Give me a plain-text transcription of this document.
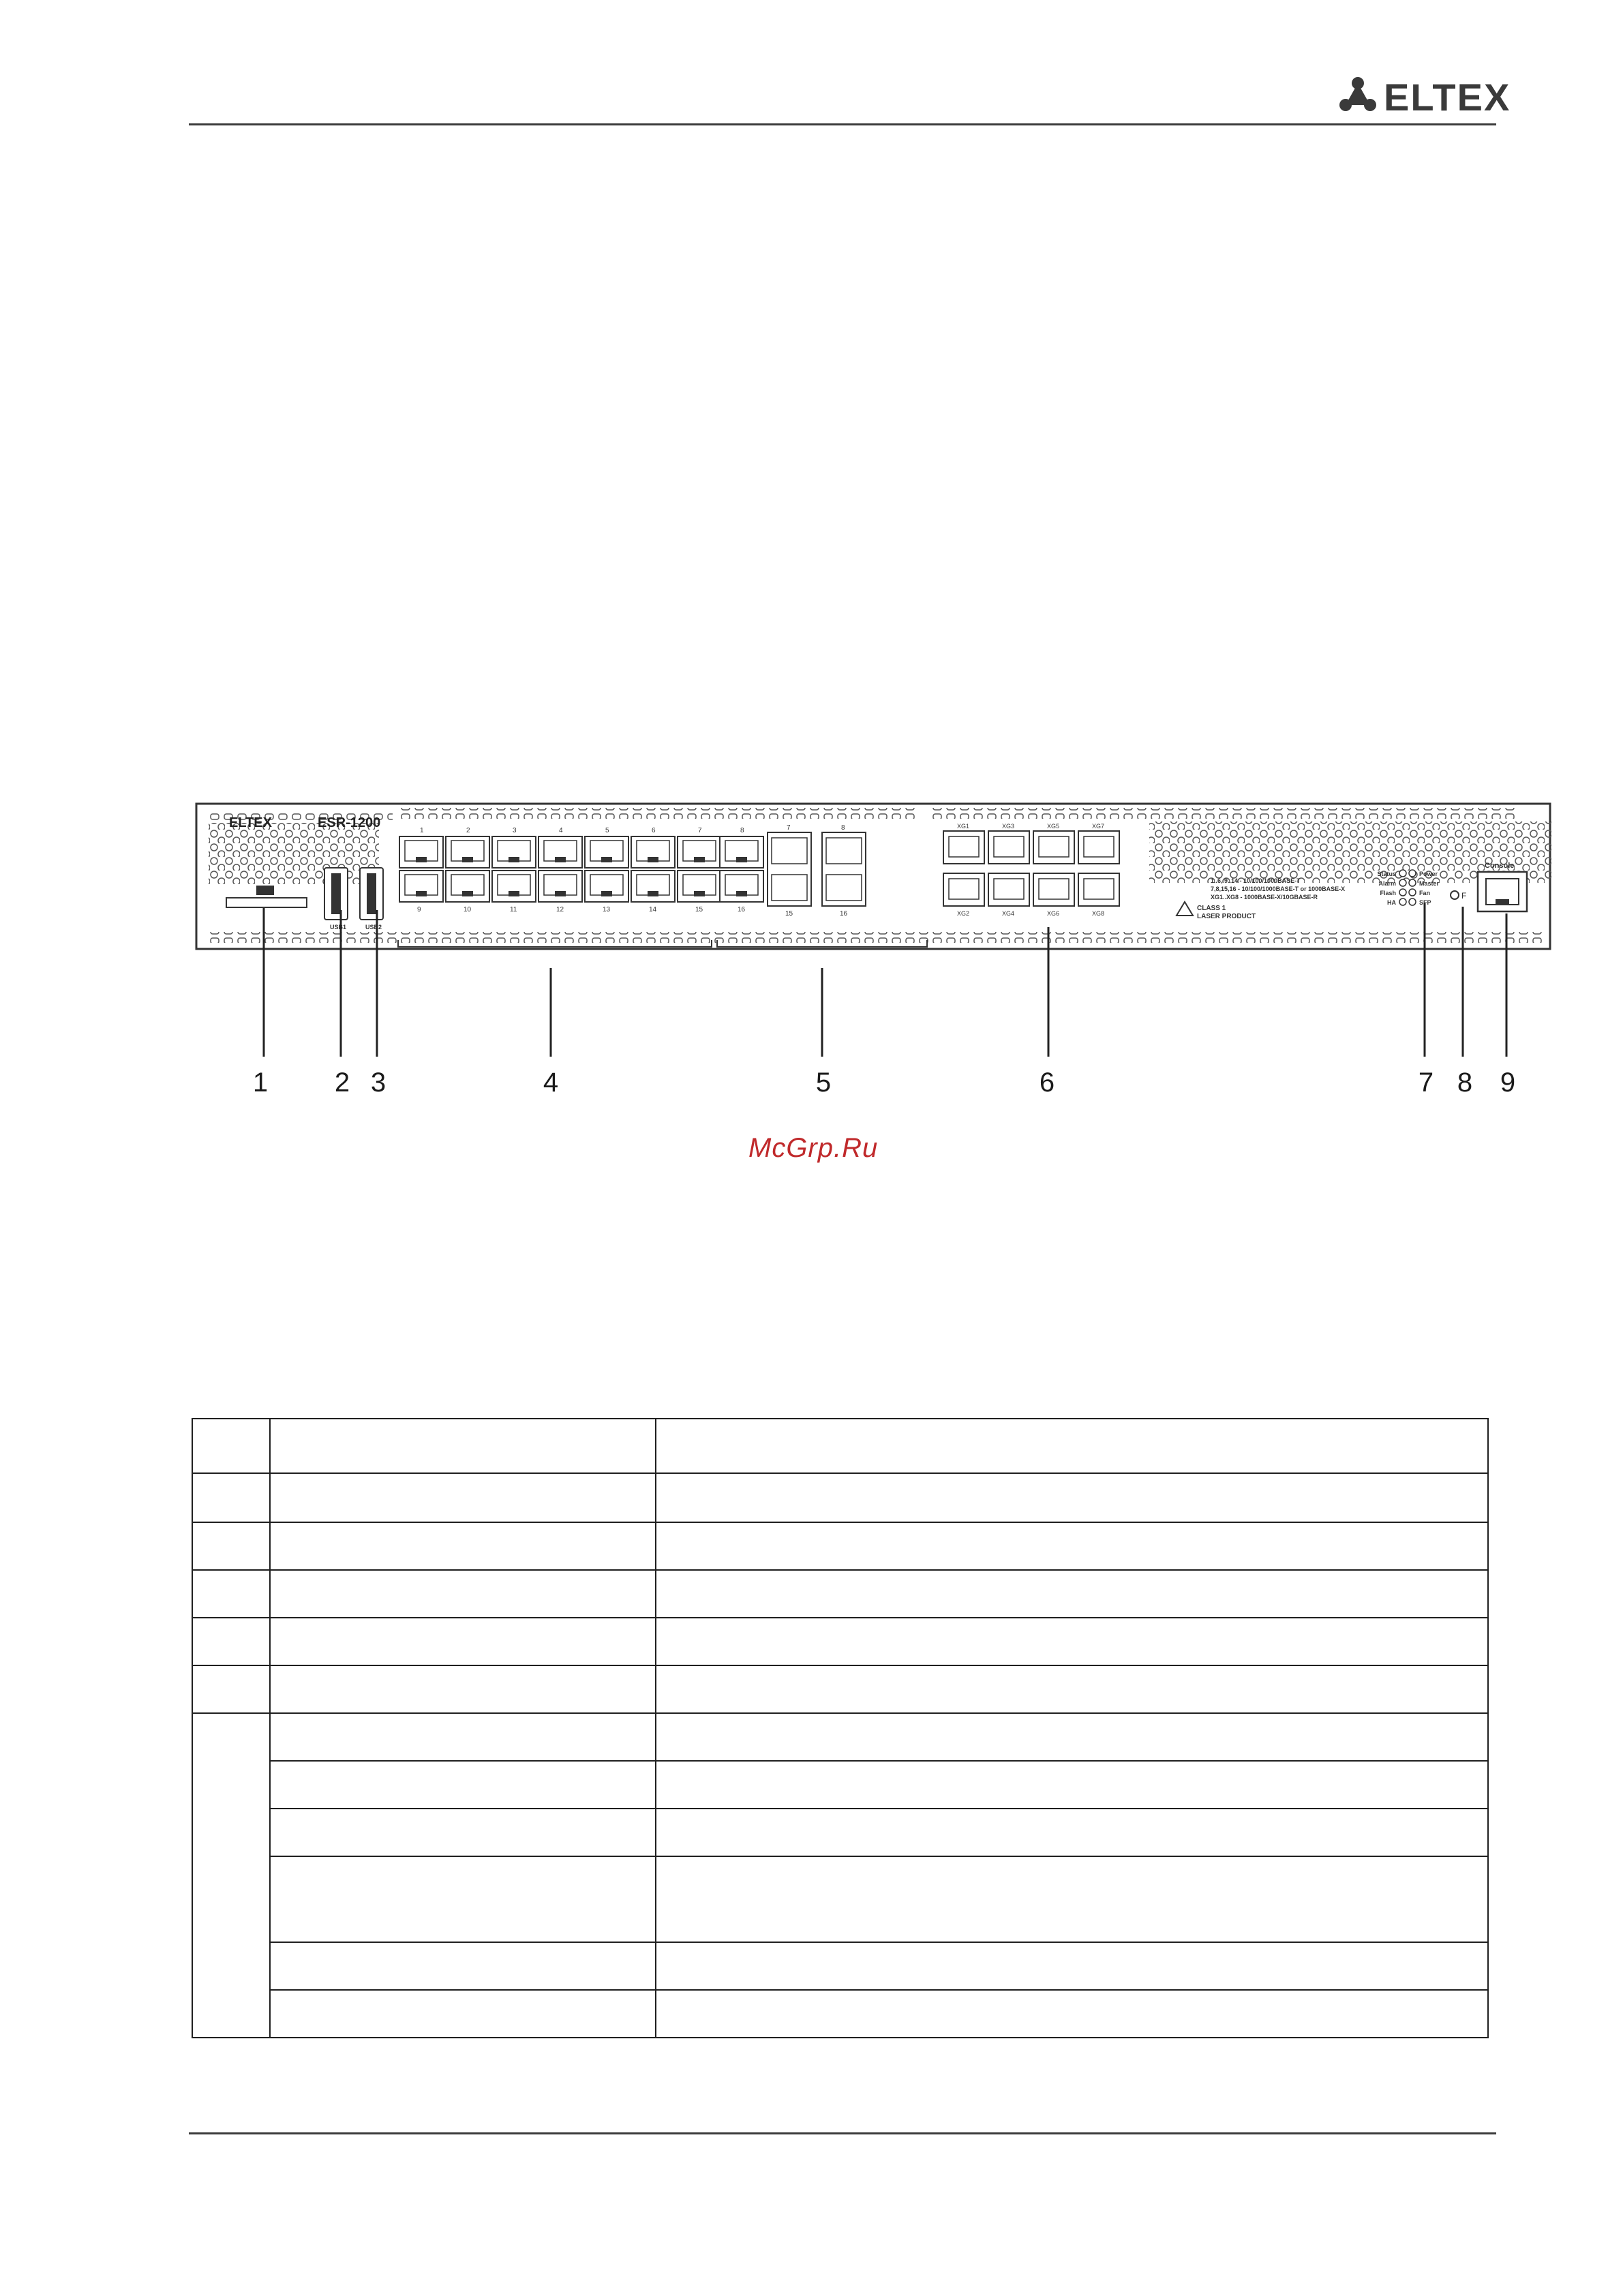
ELTEX
ELTEX	ESR-1200
1
9
2
10
3
11
4
12
5
13
6
14
7
15
8
16
7
15
8
16
XG1
XG2
XG3
XG4
XG5
XG6
XG7
XG8
CLASS 1
LASER PRODUCT
1..6, 9..14 - 10/100/1000BASE-T
7,8,15,16 - 10/100/1000BASE-T or 1000BASE-X
XG1..XG8 - 1000BASE-X/10GBASE-R
Status	Power
Alarm	Master
Flash	Fan
HA	SFP
F
Console
USB1	USB2
1 2 3	4	5	6	7 8 9
McGrp.Ru
